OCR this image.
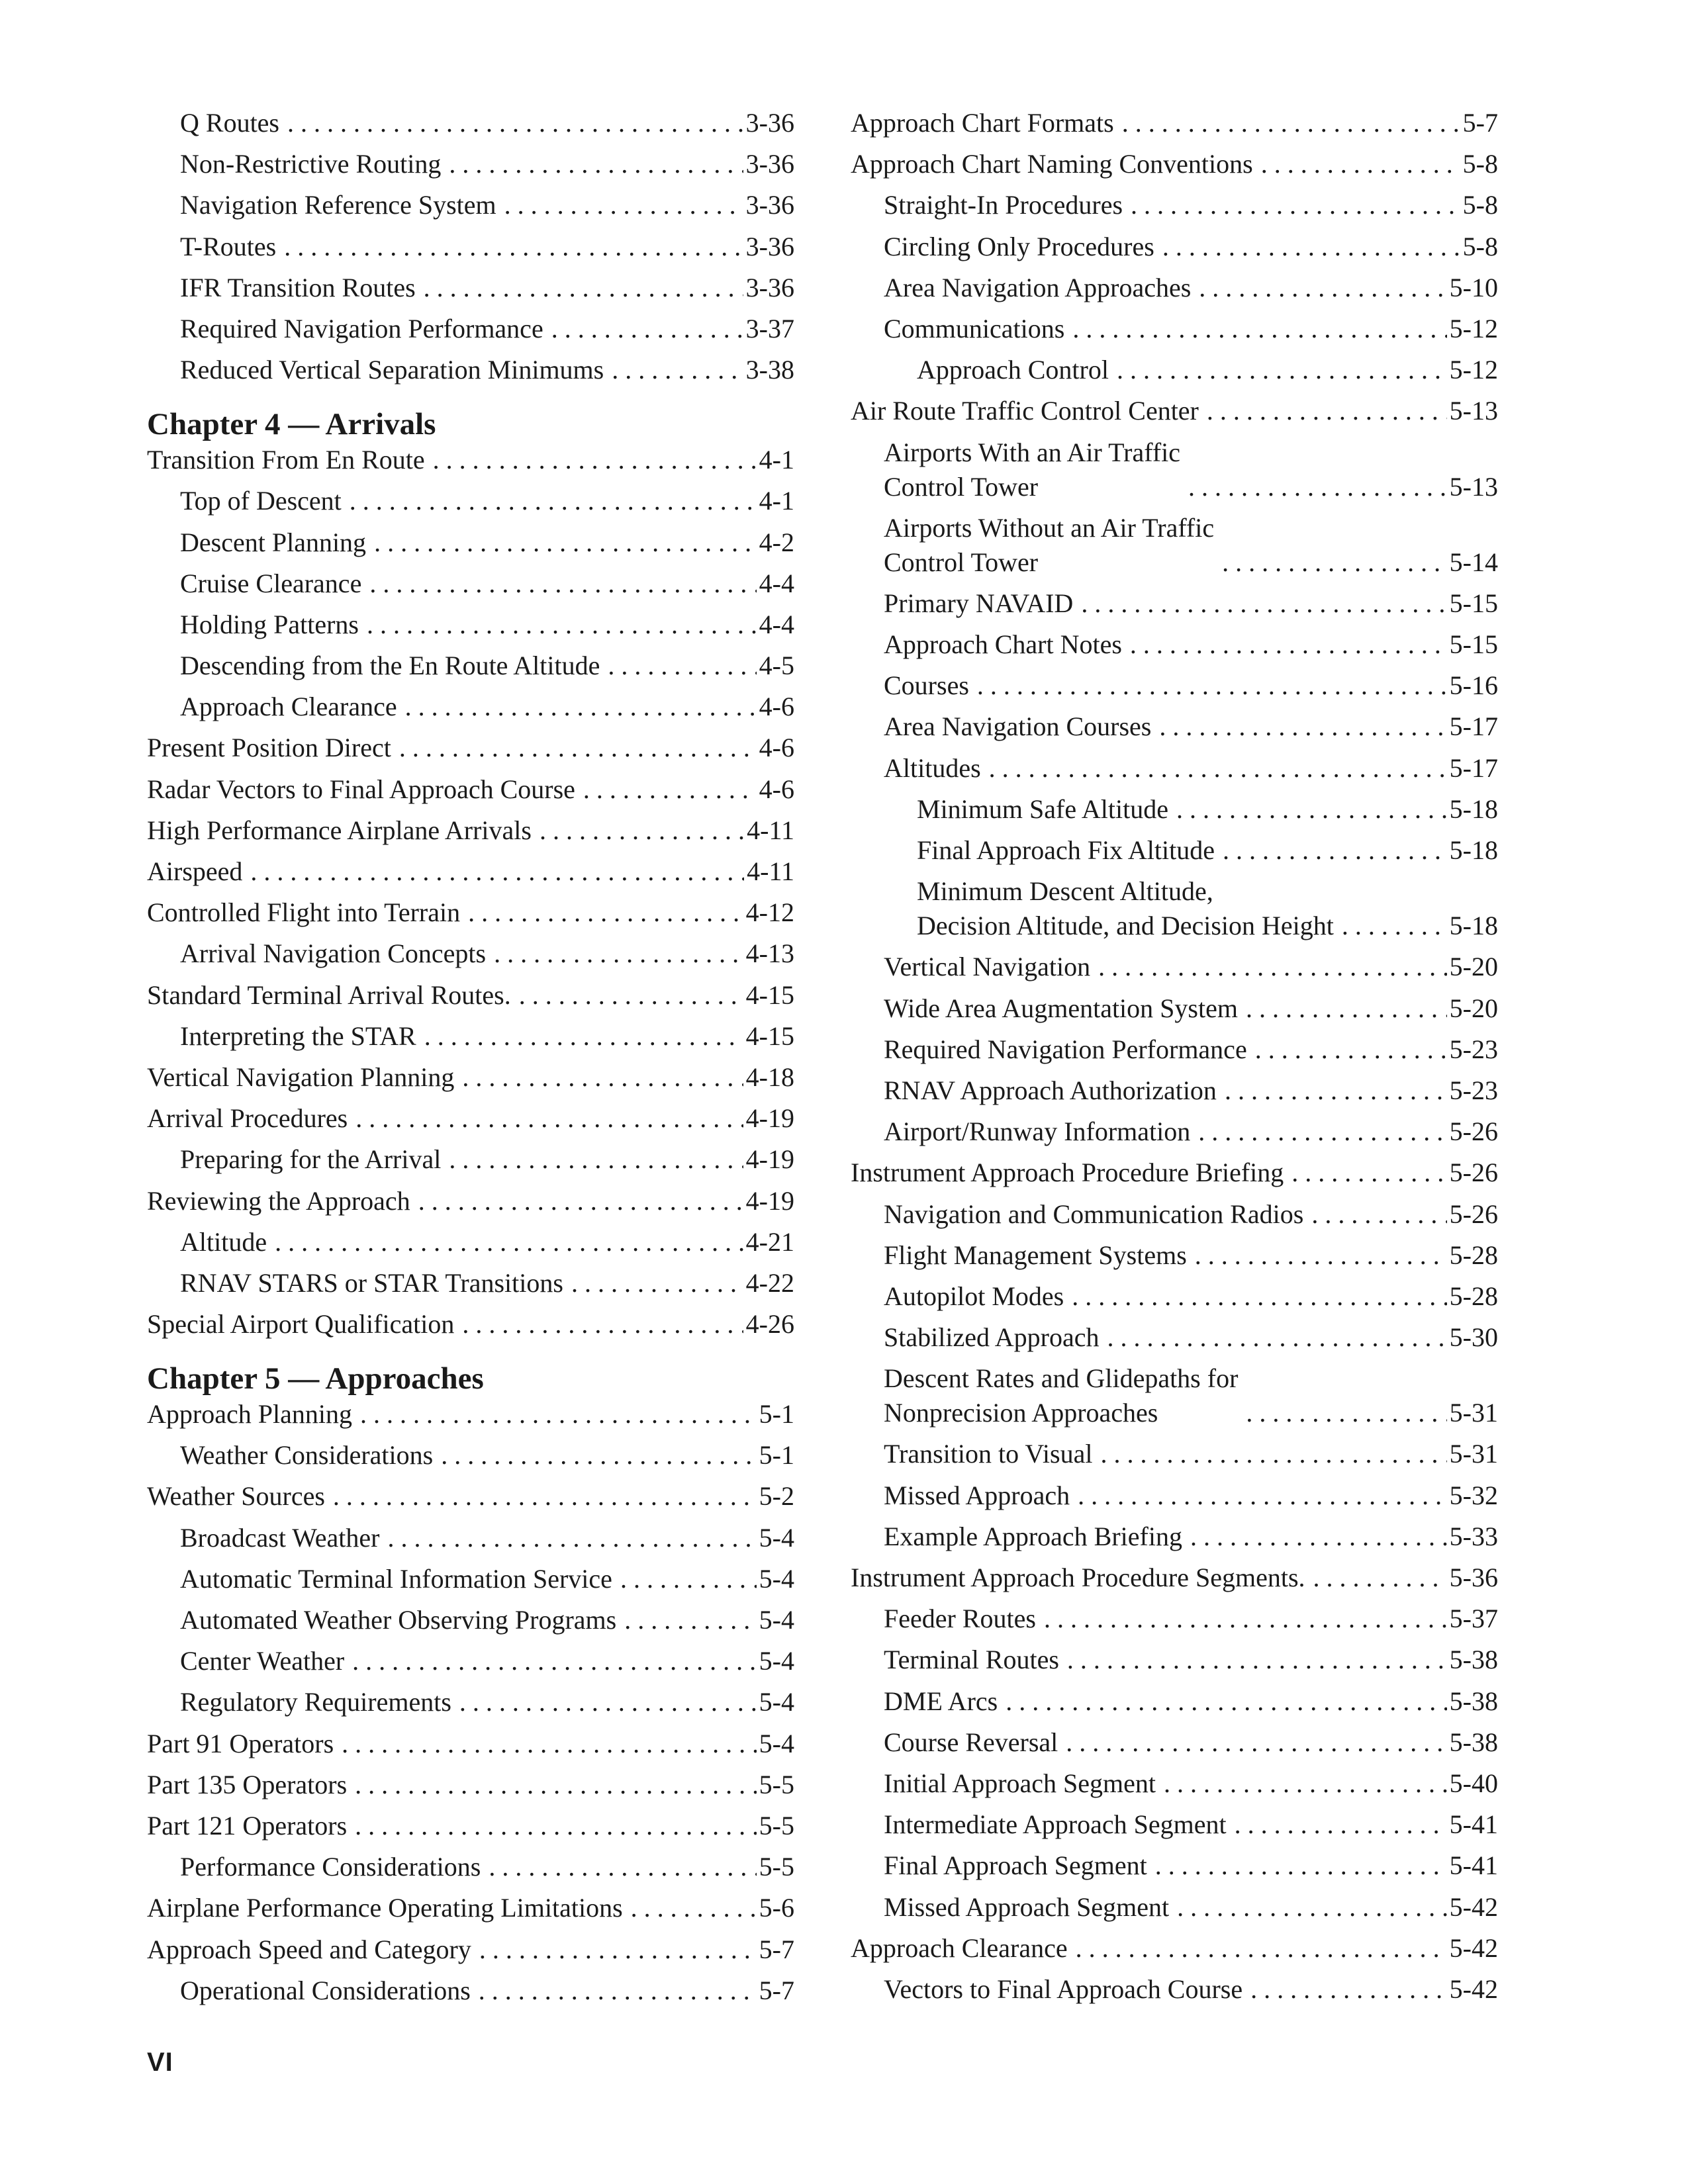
Q Routes . . .	3-36
Non-Restrictive Routing . . .	3-36
Navigation Reference System . . .	3-36
T-Routes . . .	3-36
IFR Transition Routes . . .	3-36
Required Navigation Performance . . .	3-37
Reduced Vertical Separation Minimums . . .	3-38
Chapter 4 — Arrivals
Transition From En Route . . .	4-1
Top of Descent . . .	4-1
Descent Planning . . .	4-2
Cruise Clearance . . .	4-4
Holding Patterns . . .	4-4
Descending from the En Route Altitude . . .	4-5
Approach Clearance . . .	4-6
Present Position Direct . . .	4-6
Radar Vectors to Final Approach Course . . .	4-6
High Performance Airplane Arrivals . . .	4-11
Airspeed . . .	4-11
Controlled Flight into Terrain . . .	4-12
Arrival Navigation Concepts . . .	4-13
Standard Terminal Arrival Routes. . . .	4-15
Interpreting the STAR . . .	4-15
Vertical Navigation Planning . . .	4-18
Arrival Procedures . . .	4-19
Preparing for the Arrival . . .	4-19
Reviewing the Approach . . .	4-19
Altitude . . .	4-21
RNAV STARS or STAR Transitions . . .	4-22
Special Airport Qualification . . .	4-26
Chapter 5 — Approaches
Approach Planning . . .	5-1
Weather Considerations . . .	5-1
Weather Sources . . .	5-2
Broadcast Weather . . .	5-4
Automatic Terminal Information Service . . .	5-4
Automated Weather Observing Programs . . .	5-4
Center Weather . . .	5-4
Regulatory Requirements . . .	5-4
Part 91 Operators . . .	5-4
Part 135 Operators . . .	5-5
Part 121 Operators . . .	5-5
Performance Considerations . . .	5-5
Airplane Performance Operating Limitations . . .	5-6
Approach Speed and Category . . .	5-7
Operational Considerations . . .	5-7
Approach Chart Formats . . .	5-7
Approach Chart Naming Conventions . . .	5-8
Straight-In Procedures . . .	5-8
Circling Only Procedures . . .	5-8
Area Navigation Approaches . . .	5-10
Communications . . .	5-12
Approach Control . . .	5-12
Air Route Traffic Control Center . . .	5-13
Airports With an Air Traffic
Control Tower . . .	5-13
Airports Without an Air Traffic
Control Tower . . .	5-14
Primary NAVAID . . .	5-15
Approach Chart Notes . . .	5-15
Courses . . .	5-16
Area Navigation Courses . . .	5-17
Altitudes . . .	5-17
Minimum Safe Altitude . . .	5-18
Final Approach Fix Altitude . . .	5-18
Minimum Descent Altitude,
Decision Altitude, and Decision Height . . .	5-18
Vertical Navigation . . .	5-20
Wide Area Augmentation System . . .	5-20
Required Navigation Performance . . .	5-23
RNAV Approach Authorization . . .	5-23
Airport/Runway Information . . .	5-26
Instrument Approach Procedure Briefing . . .	5-26
Navigation and Communication Radios . . .	5-26
Flight Management Systems . . .	5-28
Autopilot Modes . . .	5-28
Stabilized Approach . . .	5-30
Descent Rates and Glidepaths for
Nonprecision Approaches . . .	5-31
Transition to Visual . . .	5-31
Missed Approach . . .	5-32
Example Approach Briefing . . .	5-33
Instrument Approach Procedure Segments. . . .	5-36
Feeder Routes . . .	5-37
Terminal Routes . . .	5-38
DME Arcs . . .	5-38
Course Reversal . . .	5-38
Initial Approach Segment . . .	5-40
Intermediate Approach Segment . . .	5-41
Final Approach Segment . . .	5-41
Missed Approach Segment . . .	5-42
Approach Clearance . . .	5-42
Vectors to Final Approach Course . . .	5-42
VI
